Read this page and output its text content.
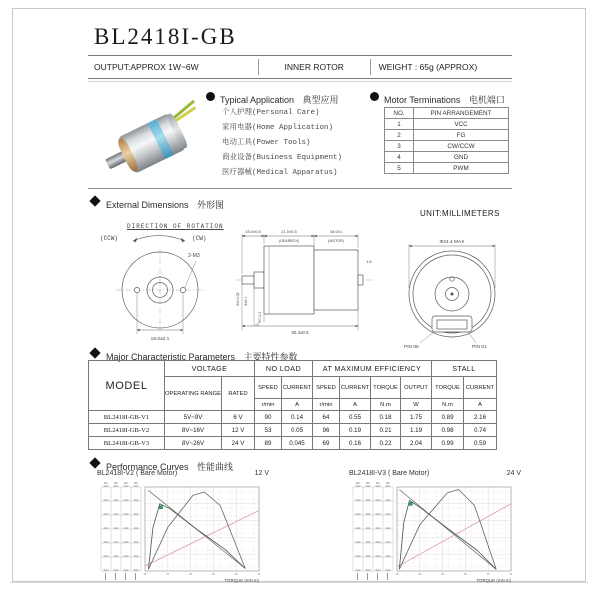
BL2418I-GB
OUTPUT:APPROX 1W~6W	INNER ROTOR	WEIGHT : 65g (APPROX)
Typical Application 典型应用
个人护理(Personal Care)
家用电器(Home Application)
电动工具(Power Tools)
商业设备(Business Equipment)
医疗器械(Medical Apparatus)
Motor Terminations 电机端口
NO.	PIN ARRANGEMENT
1	VCC
2	FG
3	CW/CCW
4	GND
5	PWM
External Dimensions 外形图
UNIT:MILLIMETERS
DIRECTION OF ROTATION
(CCW)	(CW)
2-M3
18.0±0.1
15.0±0.5	21.0±0.5
(GEARBOX)
18.0±1
(MOTOR)
1.6
Φ4-0.02 3±0.1
Φ7-0.1
2.5
50.4±0.5
Φ24.4 MAX
PIN 05	PIN 01
Major Characteristic Parameters 主要特性参数
MODEL	VOLTAGE		NO LOAD		AT MAXIMUM EFFICIENCY				STALL	
	OPERATING RANGE	RATED	SPEED	CURRENT	SPEED	CURRENT	TORQUE	OUTPUT	TORQUE	CURRENT
			r/min	A	r/min	A	N.m	W	N.m	A
BL2418I-GB-V1	5V~9V	6 V	90	0.14	64	0.55	0.18	1.75	0.89	2.16
BL2418I-GB-V2	8V~16V	12 V	53	0.05	96	0.19	0.21	1.19	0.98	0.74
BL2418I-GB-V3	8V~26V	24 V	89	0.045	69	0.16	0.22	2.04	0.99	0.59
Performance Curves 性能曲线
BL2418I-V2 ( Bare Motor)	12 V
TORQUE (mN.m)
BL2418I-V3 ( Bare Motor)	24 V
TORQUE (mN.m)
